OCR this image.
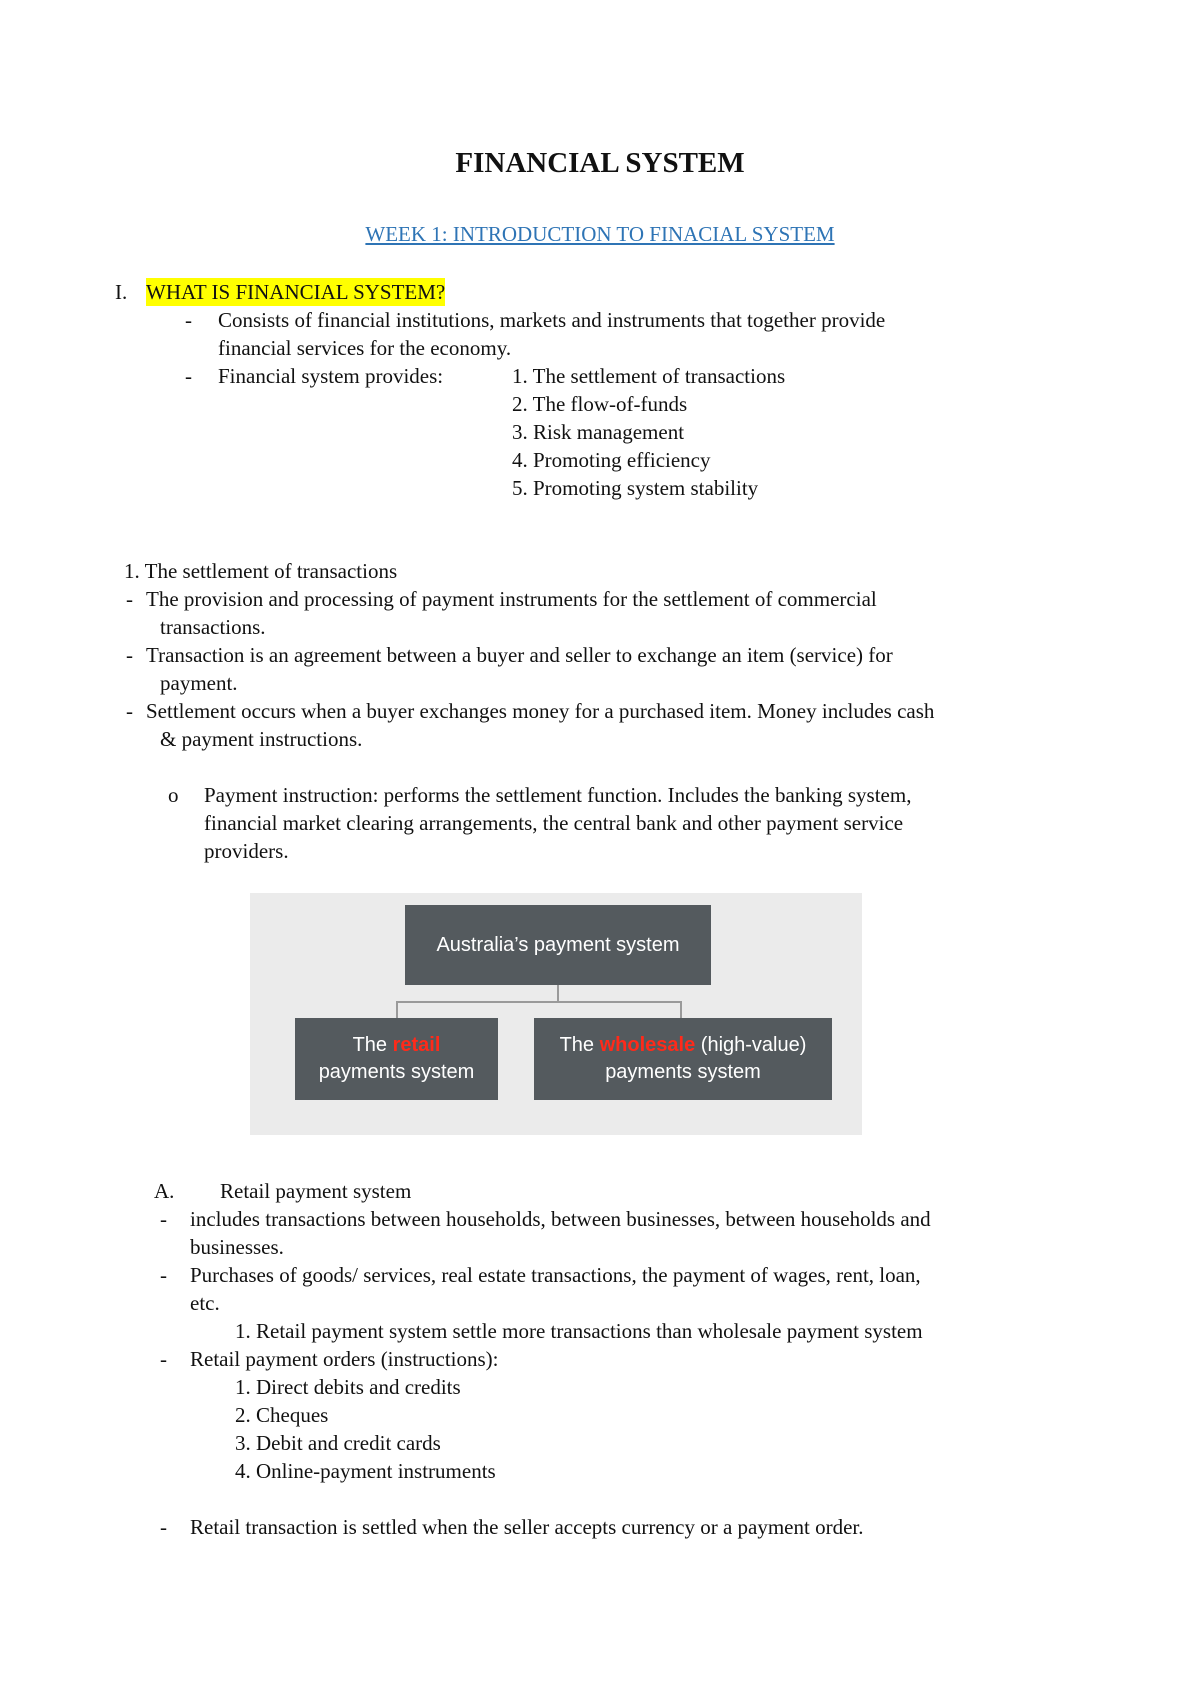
FINANCIAL SYSTEM
WEEK 1: INTRODUCTION TO FINACIAL SYSTEM
I. WHAT IS FINANCIAL SYSTEM?
- Consists of financial institutions, markets and instruments that together provide
financial services for the economy.
- Financial system provides:	1. The settlement of transactions
2. The flow-of-funds
3. Risk management
4. Promoting efficiency
5. Promoting system stability
1. The settlement of transactions
- The provision and processing of payment instruments for the settlement of commercial
transactions.
- Transaction is an agreement between a buyer and seller to exchange an item (service) for
payment.
- Settlement occurs when a buyer exchanges money for a purchased item. Money includes cash
& payment instructions.
o Payment instruction: performs the settlement function. Includes the banking system,
financial market clearing arrangements, the central bank and other payment service
providers.
Australia’s payment system
The retail
payments system
The wholesale (high-value)
payments system
A. Retail payment system
- includes transactions between households, between businesses, between households and
businesses.
- Purchases of goods/ services, real estate transactions, the payment of wages, rent, loan,
etc.
1. Retail payment system settle more transactions than wholesale payment system
- Retail payment orders (instructions):
1. Direct debits and credits
2. Cheques
3. Debit and credit cards
4. Online-payment instruments
- Retail transaction is settled when the seller accepts currency or a payment order.
